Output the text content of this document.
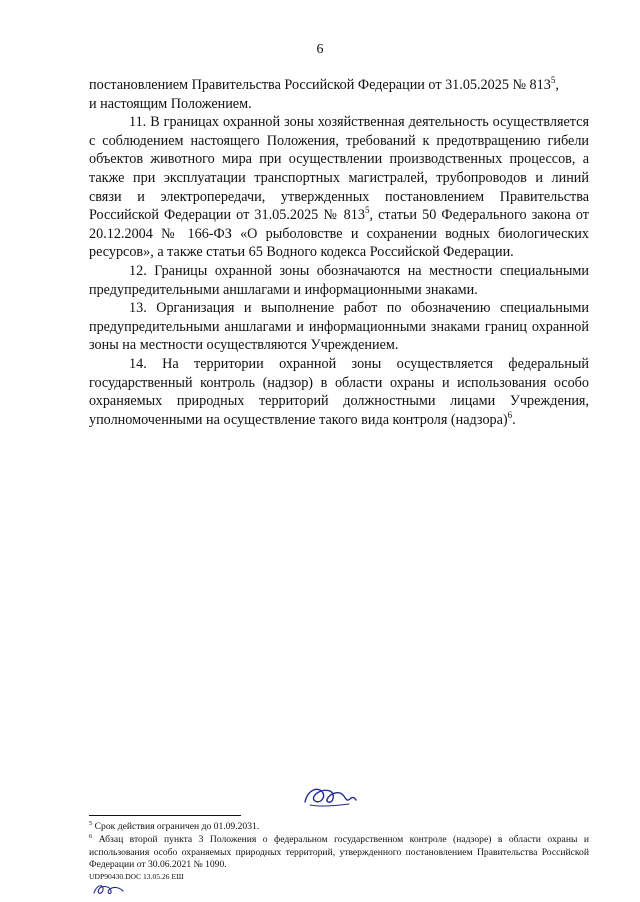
6

постановлением Правительства Российской Федерации от 31.05.2025 № $813^5$,
и настоящим Положением.

11. В границах охранной зоны хозяйственная деятельность осуществляется с соблюдением настоящего Положения, требований к предотвращению гибели объектов животного мира при осуществлении производственных процессов, а также при эксплуатации транспортных магистралей, трубопроводов и линий связи и электропередачи, утвержденных постановлением Правительства Российской Федерации от 31.05.2025 № $813^5$, статьи 50 Федерального закона от 20.12.2004 № 166-ФЗ «О рыболовстве и сохранении водных биологических ресурсов», а также статьи 65 Водного кодекса Российской Федерации.

12. Границы охранной зоны обозначаются на местности специальными предупредительными аншлагами и информационными знаками.

13. Организация и выполнение работ по обозначению специальными предупредительными аншлагами и информационными знаками границ охранной зоны на местности осуществляются Учреждением.

14. На территории охранной зоны осуществляется федеральный государственный контроль (надзор) в области охраны и использования особо охраняемых природных территорий должностными лицами Учреждения, уполномоченными на осуществление такого вида контроля (надзора)$^6$.

$^5$ Срок действия ограничен до 01.09.2031.

$^6$ Абзац второй пункта 3 Положения о федеральном государственном контроле (надзоре) в области охраны и использования особо охраняемых природных территорий, утвержденного постановлением Правительства Российской Федерации от 30.06.2021 № 1090.

UDP90430.DOC 13.05.26 ЕШ
